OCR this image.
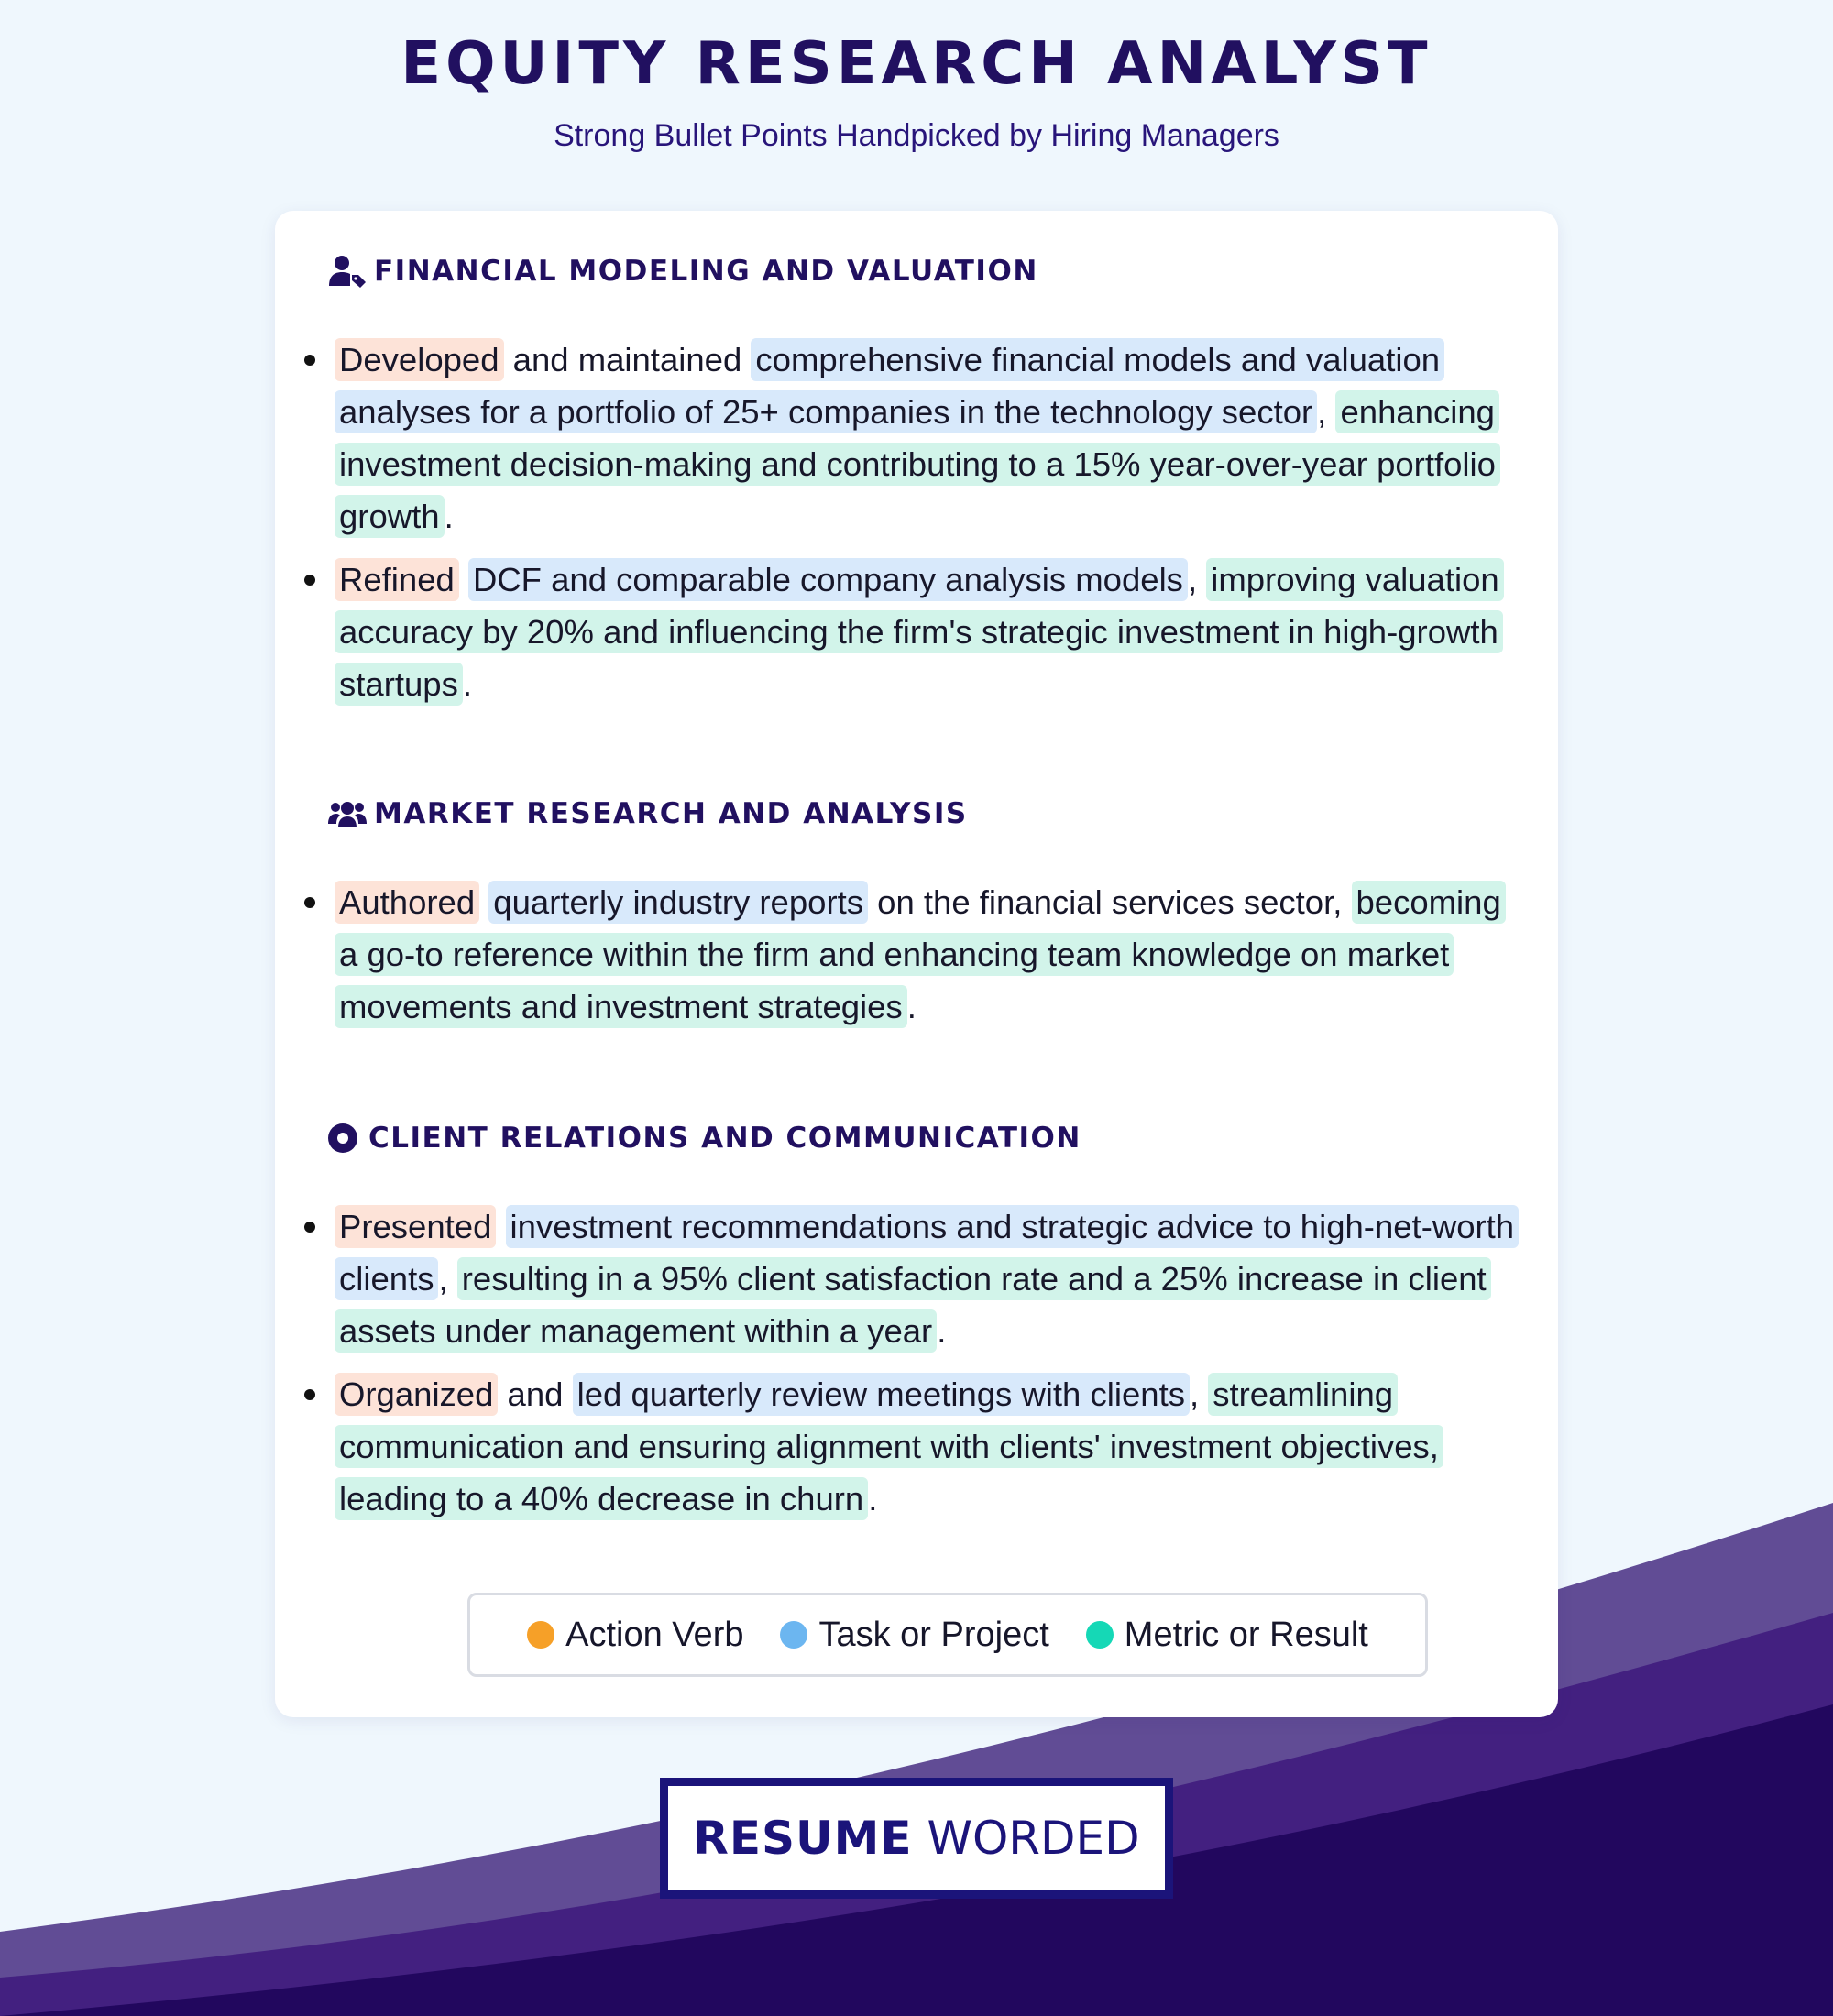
EQUITY RESEARCH ANALYST
Strong Bullet Points Handpicked by Hiring Managers
FINANCIAL MODELING AND VALUATION
Developed and maintained comprehensive financial models and valuation analyses for a portfolio of 25+ companies in the technology sector , enhancing investment decision-making and contributing to a 15% year-over-year portfolio growth .
Refined DCF and comparable company analysis models , improving valuation accuracy by 20% and influencing the firm's strategic investment in high-growth startups .
MARKET RESEARCH AND ANALYSIS
Authored quarterly industry reports on the financial services sector, becoming a go-to reference within the firm and enhancing team knowledge on market movements and investment strategies .
CLIENT RELATIONS AND COMMUNICATION
Presented investment recommendations and strategic advice to high-net-worth clients , resulting in a 95% client satisfaction rate and a 25% increase in client assets under management within a year .
Organized and led quarterly review meetings with clients , streamlining communication and ensuring alignment with clients' investment objectives, leading to a 40% decrease in churn .
Action Verb Task or Project Metric or Result
RESUME WORDED
